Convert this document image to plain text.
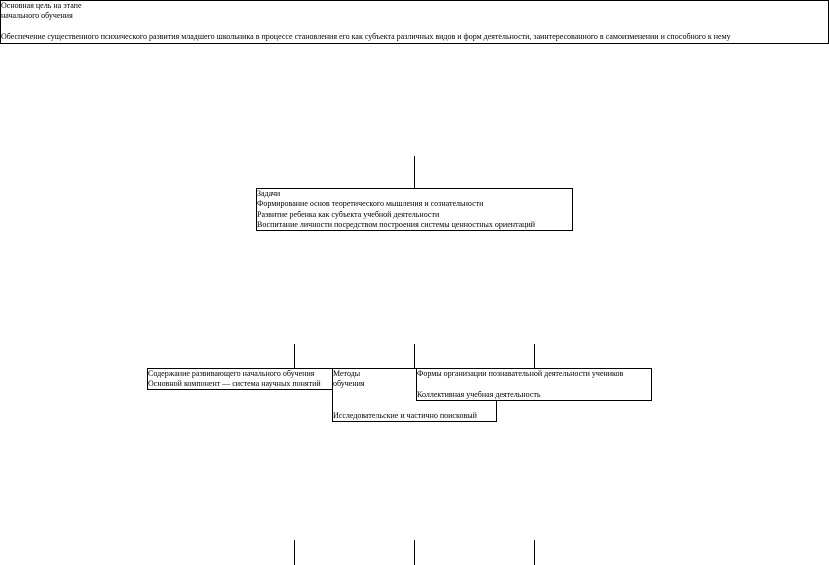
Основная цель на этапе
начального обучения
Обеспечение существенного психического развития младшего школьника в процессе становления его как субъекта различных видов и форм деятельности, заинтересованного в самоизменении и способного к нему
Задачи
Формирование основ теоретического мышления и сознательности
Развитие ребенка как субъекта учебной деятельности
Воспитание личности посредством построения системы ценностных ориентаций
Содержание развивающего начального обучения
Основной компонент — система научных понятий
Методы
обучения
Исследовательские и частично поисковый
Формы организации познавательной деятельности учеников
Коллективная учебная деятельность
